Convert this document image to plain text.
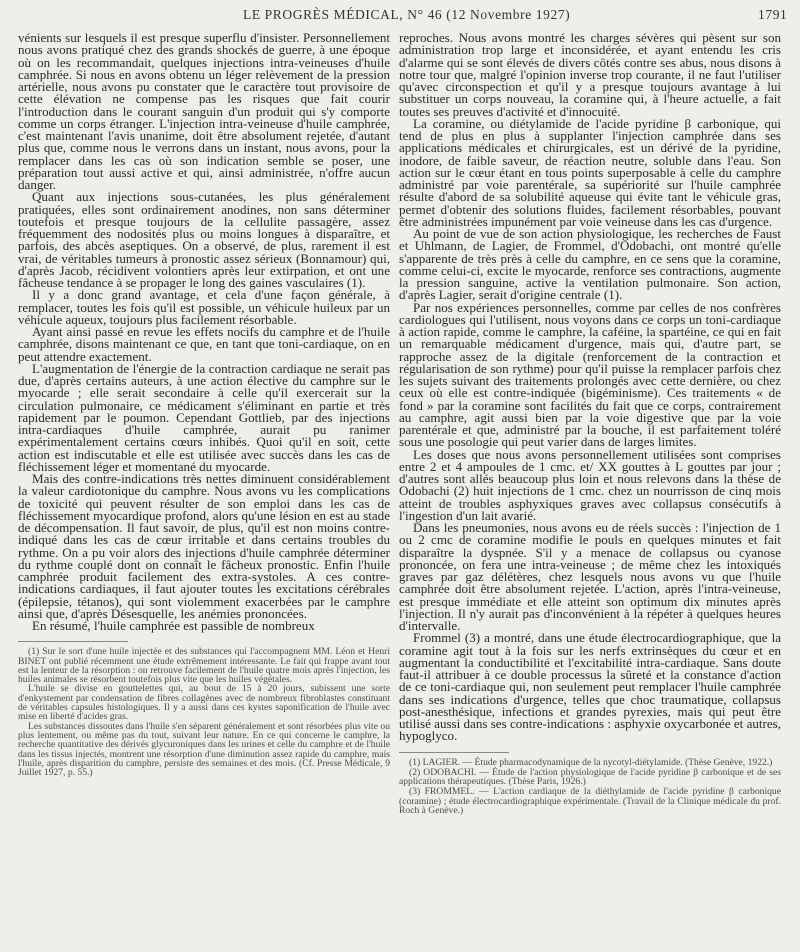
LE PROGRÈS MÉDICAL, N° 46 (12 Novembre 1927)	1791

vénients sur lesquels il est presque superflu d'insister. Personnellement nous avons pratiqué chez des grands shockés de guerre, à une époque où on les recommandait, quelques injections intra-veineuses d'huile camphrée. Si nous en avons obtenu un léger relèvement de la pression artérielle, nous avons pu constater que le caractère tout provisoire de cette élévation ne compense pas les risques que fait courir l'introduction dans le courant sanguin d'un produit qui s'y comporte comme un corps étranger. L'injection intra-veineuse d'huile camphrée, c'est maintenant l'avis unanime, doit être absolument rejetée, d'autant plus que, comme nous le verrons dans un instant, nous avons, pour la remplacer dans les cas où son indication semble se poser, une préparation tout aussi active et qui, ainsi administrée, n'offre aucun danger.

Quant aux injections sous-cutanées, les plus généralement pratiquées, elles sont ordinairement anodines, non sans déterminer toutefois et presque toujours de la cellulite passagère, assez fréquemment des nodosités plus ou moins longues à disparaître, et parfois, des abcès aseptiques. On a observé, de plus, rarement il est vrai, de véritables tumeurs à pronostic assez sérieux (Bonnamour) qui, d'après Jacob, récidivent volontiers après leur extirpation, et ont une fâcheuse tendance à se propager le long des gaines vasculaires (1).

Il y a donc grand avantage, et cela d'une façon générale, à remplacer, toutes les fois qu'il est possible, un véhicule huileux par un véhicule aqueux, toujours plus facilement résorbable.

Ayant ainsi passé en revue les effets nocifs du camphre et de l'huile camphrée, disons maintenant ce que, en tant que toni-cardiaque, on en peut attendre exactement.

L'augmentation de l'énergie de la contraction cardiaque ne serait pas due, d'après certains auteurs, à une action élective du camphre sur le myocarde ; elle serait secondaire à celle qu'il exercerait sur la circulation pulmonaire, ce médicament s'éliminant en partie et très rapidement par le poumon. Cependant Gottlieb, par des injections intra-cardiaques d'huile camphrée, aurait pu ranimer expérimentalement certains cœurs inhibés. Quoi qu'il en soit, cette action est indiscutable et elle est utilisée avec succès dans les cas de fléchissement léger et momentané du myocarde.

Mais des contre-indications très nettes diminuent considérablement la valeur cardiotonique du camphre. Nous avons vu les complications de toxicité qui peuvent résulter de son emploi dans les cas de fléchissement myocardique profond, alors qu'une lésion en est au stade de décompensation. Il faut savoir, de plus, qu'il est non moins contre-indiqué dans les cas de cœur irritable et dans certains troubles du rythme. On a pu voir alors des injections d'huile camphrée déterminer du rythme couplé dont on connaît le fâcheux pronostic. Enfin l'huile camphrée produit facilement des extra-systoles. A ces contre-indications cardiaques, il faut ajouter toutes les excitations cérébrales (épilepsie, tétanos), qui sont violemment exacerbées par le camphre ainsi que, d'après Désesquelle, les anémies prononcées.

En résumé, l'huile camphrée est passible de nombreux

(1) Sur le sort d'une huile injectée et des substances qui l'accompagnent MM. Léon et Henri BINET ont publié récemment une étude extrêmement intéressante. Le fait qui frappe avant tout est la lenteur de la résorption : on retrouve facilement de l'huile quatre mois après l'injection, les huiles animales se résorbent toutefois plus vite que les huiles végétales.

L'huile se divise en gouttelettes qui, au bout de 15 à 20 jours, subissent une sorte d'enkystement par condensation de fibres collagènes avec de nombreux fibroblastes constituant de véritables capsules histologiques. Il y a aussi dans ces kystes saponification de l'huile avec mise en liberté d'acides gras.

Les substances dissoutes dans l'huile s'en séparent généralement et sont résorbées plus vite ou plus lentement, ou même pas du tout, suivant leur nature. En ce qui concerne le camphre, la recherche quantitative des dérivés glycuroniques dans les urines et celle du camphre et de l'huile dans les tissus injectés, montrent une résorption d'une diminution assez rapide du camphre, mais l'huile, après disparition du camphre, persiste des semaines et des mois. (Cf. Presse Médicale, 9 Juillet 1927, p. 55.)

reproches. Nous avons montré les charges sévères qui pèsent sur son administration trop large et inconsidérée, et ayant entendu les cris d'alarme qui se sont élevés de divers côtés contre ses abus, nous disons à notre tour que, malgré l'opinion inverse trop courante, il ne faut l'utiliser qu'avec circonspection et qu'il y a presque toujours avantage à lui substituer un corps nouveau, la coramine qui, à l'heure actuelle, a fait toutes ses preuves d'activité et d'innocuité.

La coramine, ou diétylamide de l'acide pyridine β carbonique, qui tend de plus en plus à supplanter l'injection camphrée dans ses applications médicales et chirurgicales, est un dérivé de la pyridine, inodore, de faible saveur, de réaction neutre, soluble dans l'eau. Son action sur le cœur étant en tous points superposable à celle du camphre administré par voie parentérale, sa supériorité sur l'huile camphrée résulte d'abord de sa solubilité aqueuse qui évite tant le véhicule gras, permet d'obtenir des solutions fluides, facilement résorbables, pouvant être administrées impunément par voie veineuse dans les cas d'urgence.

Au point de vue de son action physiologique, les recherches de Faust et Uhlmann, de Lagier, de Frommel, d'Odobachi, ont montré qu'elle s'apparente de très près à celle du camphre, en ce sens que la coramine, comme celui-ci, excite le myocarde, renforce ses contractions, augmente la pression sanguine, active la ventilation pulmonaire. Son action, d'après Lagier, serait d'origine centrale (1).

Par nos expériences personnelles, comme par celles de nos confrères cardiologues qui l'utilisent, nous voyons dans ce corps un toni-cardiaque à action rapide, comme le camphre, la caféine, la spartéine, ce qui en fait un remarquable médicament d'urgence, mais qui, d'autre part, se rapproche assez de la digitale (renforcement de la contraction et régularisation de son rythme) pour qu'il puisse la remplacer parfois chez les sujets suivant des traitements prolongés avec cette dernière, ou chez ceux où elle est contre-indiquée (bigéminisme). Ces traitements « de fond » par la coramine sont facilités du fait que ce corps, contrairement au camphre, agit aussi bien par la voie digestive que par la voie parentérale et que, administré par la bouche, il est parfaitement toléré sous une posologie qui peut varier dans de larges limites.

Les doses que nous avons personnellement utilisées sont comprises entre 2 et 4 ampoules de 1 cmc. et/ XX gouttes à L gouttes par jour ; d'autres sont allés beaucoup plus loin et nous relevons dans la thèse de Odobachi (2) huit injections de 1 cmc. chez un nourrisson de cinq mois atteint de troubles asphyxiques graves avec collapsus consécutifs à l'ingestion d'un lait avarié.

Dans les pneumonies, nous avons eu de réels succès : l'injection de 1 ou 2 cmc de coramine modifie le pouls en quelques minutes et fait disparaître la dyspnée. S'il y a menace de collapsus ou cyanose prononcée, on fera une intra-veineuse ; de même chez les intoxiqués graves par gaz délétères, chez lesquels nous avons vu que l'huile camphrée doit être absolument rejetée. L'action, après l'intra-veineuse, est presque immédiate et elle atteint son optimum dix minutes après l'injection. Il n'y aurait pas d'inconvénient à la répéter à quelques heures d'intervalle.

Frommel (3) a montré, dans une étude électrocardiographique, que la coramine agit tout à la fois sur les nerfs extrinsèques du cœur et en augmentant la conductibilité et l'excitabilité intra-cardiaque. Sans doute faut-il attribuer à ce double processus la sûreté et la constance d'action de ce toni-cardiaque qui, non seulement peut remplacer l'huile camphrée dans ses indications d'urgence, telles que choc traumatique, collapsus post-anesthésique, infections et grandes pyrexies, mais qui peut être utilisé aussi dans ses contre-indications : asphyxie oxycarbonée et autres, hypoglyco.

(1) LAGIER. — Étude pharmacodynamique de la nycotyl-diétylamide. (Thèse Genève, 1922.)

(2) ODOBACHI. — Étude de l'action physiologique de l'acide pyridine β carbonique et de ses applications thérapeutiques. (Thèse Paris, 1926.)

(3) FROMMEL. — L'action cardiaque de la diéthylamide de l'acide pyridine β carbonique (coramine) ; étude électrocardiographique expérimentale. (Travail de la Clinique médicale du prof. Roch à Genève.)
